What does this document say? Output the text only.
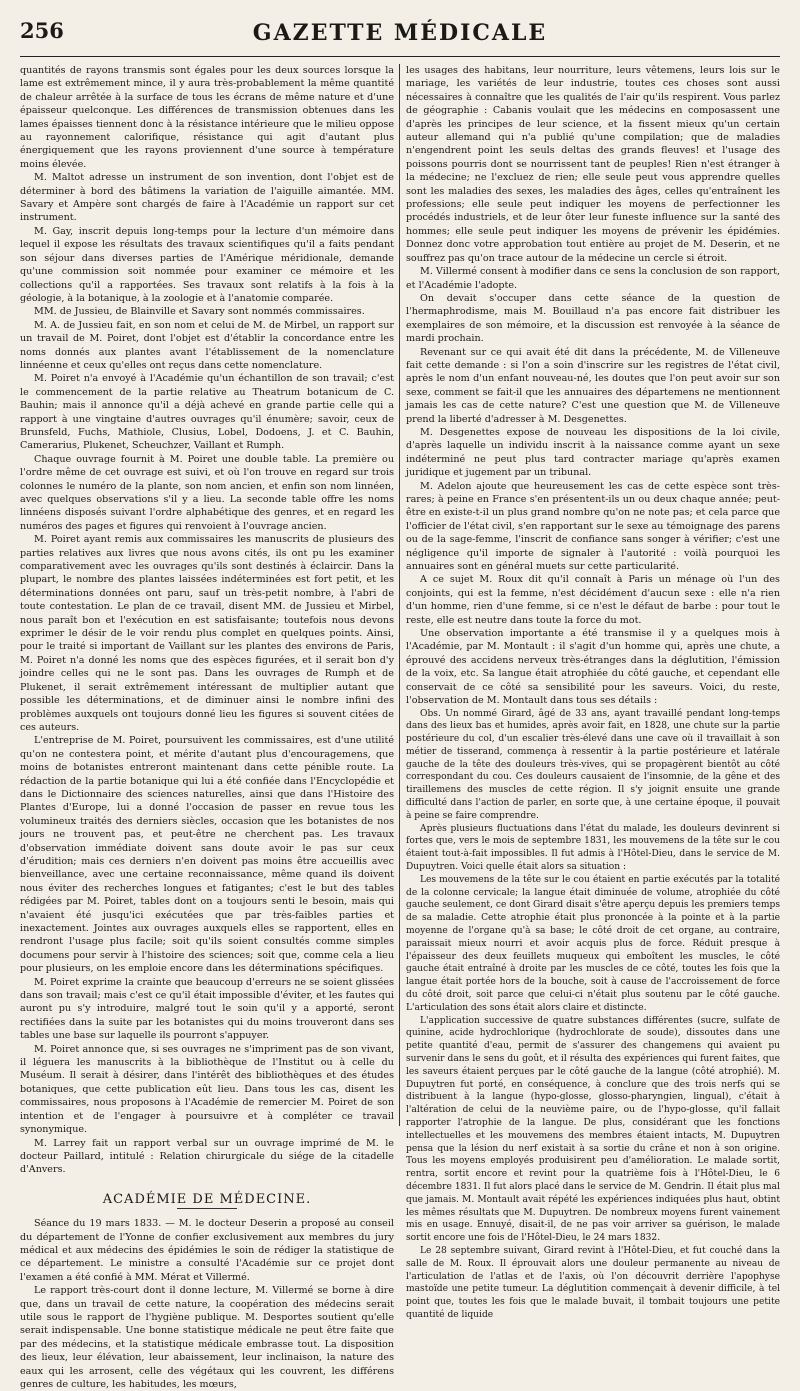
256	GAZETTE MÉDICALE

quantités de rayons transmis sont égales pour les deux sources lorsque la lame est extrêmement mince, il y aura très-probablement la même quantité de chaleur arrêtée à la surface de tous les écrans de même nature et d'une épaisseur quelconque. Les différences de transmission obtenues dans les lames épaisses tiennent donc à la résistance intérieure que le milieu oppose au rayonnement calorifique, résistance qui agit d'autant plus énergiquement que les rayons proviennent d'une source à température moins élevée.

M. Maltot adresse un instrument de son invention, dont l'objet est de déterminer à bord des bâtimens la variation de l'aiguille aimantée. MM. Savary et Ampère sont chargés de faire à l'Académie un rapport sur cet instrument.

M. Gay, inscrit depuis long-temps pour la lecture d'un mémoire dans lequel il expose les résultats des travaux scientifiques qu'il a faits pendant son séjour dans diverses parties de l'Amérique méridionale, demande qu'une commission soit nommée pour examiner ce mémoire et les collections qu'il a rapportées. Ses travaux sont relatifs à la fois à la géologie, à la botanique, à la zoologie et à l'anatomie comparée.

MM. de Jussieu, de Blainville et Savary sont nommés commissaires.

M. A. de Jussieu fait, en son nom et celui de M. de Mirbel, un rapport sur un travail de M. Poiret, dont l'objet est d'établir la concordance entre les noms donnés aux plantes avant l'établissement de la nomenclature linnéenne et ceux qu'elles ont reçus dans cette nomenclature.

M. Poiret n'a envoyé à l'Académie qu'un échantillon de son travail; c'est le commencement de la partie relative au Theatrum botanicum de C. Bauhin; mais il annonce qu'il a déjà achevé en grande partie celle qui a rapport à une vingtaine d'autres ouvrages qu'il énumère; savoir, ceux de Brunsfeld, Fuchs, Mathiole, Clusius, Lobel, Dodoens, J. et C. Bauhin, Camerarius, Plukenet, Scheuchzer, Vaillant et Rumph.

Chaque ouvrage fournit à M. Poiret une double table. La première ou l'ordre même de cet ouvrage est suivi, et où l'on trouve en regard sur trois colonnes le numéro de la plante, son nom ancien, et enfin son nom linnéen, avec quelques observations s'il y a lieu. La seconde table offre les noms linnéens disposés suivant l'ordre alphabétique des genres, et en regard les numéros des pages et figures qui renvoient à l'ouvrage ancien.

M. Poiret ayant remis aux commissaires les manuscrits de plusieurs des parties relatives aux livres que nous avons cités, ils ont pu les examiner comparativement avec les ouvrages qu'ils sont destinés à éclaircir. Dans la plupart, le nombre des plantes laissées indéterminées est fort petit, et les déterminations données ont paru, sauf un très-petit nombre, à l'abri de toute contestation. Le plan de ce travail, disent MM. de Jussieu et Mirbel, nous paraît bon et l'exécution en est satisfaisante; toutefois nous devons exprimer le désir de le voir rendu plus complet en quelques points. Ainsi, pour le traité si important de Vaillant sur les plantes des environs de Paris, M. Poiret n'a donné les noms que des espèces figurées, et il serait bon d'y joindre celles qui ne le sont pas. Dans les ouvrages de Rumph et de Plukenet, il serait extrêmement intéressant de multiplier autant que possible les déterminations, et de diminuer ainsi le nombre infini des problèmes auxquels ont toujours donné lieu les figures si souvent citées de ces auteurs.

L'entreprise de M. Poiret, poursuivent les commissaires, est d'une utilité qu'on ne contestera point, et mérite d'autant plus d'encouragemens, que moins de botanistes entreront maintenant dans cette pénible route. La rédaction de la partie botanique qui lui a été confiée dans l'Encyclopédie et dans le Dictionnaire des sciences naturelles, ainsi que dans l'Histoire des Plantes d'Europe, lui a donné l'occasion de passer en revue tous les volumineux traités des derniers siècles, occasion que les botanistes de nos jours ne trouvent pas, et peut-être ne cherchent pas. Les travaux d'observation immédiate doivent sans doute avoir le pas sur ceux d'érudition; mais ces derniers n'en doivent pas moins être accueillis avec bienveillance, avec une certaine reconnaissance, même quand ils doivent nous éviter des recherches longues et fatigantes; c'est le but des tables rédigées par M. Poiret, tables dont on a toujours senti le besoin, mais qui n'avaient été jusqu'ici exécutées que par très-faibles parties et inexactement. Jointes aux ouvrages auxquels elles se rapportent, elles en rendront l'usage plus facile; soit qu'ils soient consultés comme simples documens pour servir à l'histoire des sciences; soit que, comme cela a lieu pour plusieurs, on les emploie encore dans les déterminations spécifiques.

M. Poiret exprime la crainte que beaucoup d'erreurs ne se soient glissées dans son travail; mais c'est ce qu'il était impossible d'éviter, et les fautes qui auront pu s'y introduire, malgré tout le soin qu'il y a apporté, seront rectifiées dans la suite par les botanistes qui du moins trouveront dans ses tables une base sur laquelle ils pourront s'appuyer.

M. Poiret annonce que, si ses ouvrages ne s'impriment pas de son vivant, il léguera les manuscrits à la bibliothèque de l'Institut ou à celle du Muséum. Il serait à désirer, dans l'intérêt des bibliothèques et des études botaniques, que cette publication eût lieu. Dans tous les cas, disent les commissaires, nous proposons à l'Académie de remercier M. Poiret de son intention et de l'engager à poursuivre et à compléter ce travail synonymique.

M. Larrey fait un rapport verbal sur un ouvrage imprimé de M. le docteur Paillard, intitulé : Relation chirurgicale du siége de la citadelle d'Anvers.

ACADÉMIE DE MÉDECINE.

Séance du 19 mars 1833. — M. le docteur Deserin a proposé au conseil du département de l'Yonne de confier exclusivement aux membres du jury médical et aux médecins des épidémies le soin de rédiger la statistique de ce département. Le ministre a consulté l'Académie sur ce projet dont l'examen a été confié à MM. Mérat et Villermé.

Le rapport très-court dont il donne lecture, M. Villermé se borne à dire que, dans un travail de cette nature, la coopération des médecins serait utile sous le rapport de l'hygiène publique. M. Desportes soutient qu'elle serait indispensable. Une bonne statistique médicale ne peut être faite que par des médecins, et la statistique médicale embrasse tout. La disposition des lieux, leur élévation, leur abaissement, leur inclinaison, la nature des eaux qui les arrosent, celle des végétaux qui les couvrent, les différens genres de culture, les habitudes, les mœurs,

les usages des habitans, leur nourriture, leurs vêtemens, leurs lois sur le mariage, les variétés de leur industrie, toutes ces choses sont aussi nécessaires à connaître que les qualités de l'air qu'ils respirent. Vous parlez de géographie : Cabanis voulait que les médecins en composassent une d'après les principes de leur science, et la fissent mieux qu'un certain auteur allemand qui n'a publié qu'une compilation; que de maladies n'engendrent point les seuls deltas des grands fleuves! et l'usage des poissons pourris dont se nourrissent tant de peuples! Rien n'est étranger à la médecine; ne l'excluez de rien; elle seule peut vous apprendre quelles sont les maladies des sexes, les maladies des âges, celles qu'entraînent les professions; elle seule peut indiquer les moyens de perfectionner les procédés industriels, et de leur ôter leur funeste influence sur la santé des hommes; elle seule peut indiquer les moyens de prévenir les épidémies. Donnez donc votre approbation tout entière au projet de M. Deserin, et ne souffrez pas qu'on trace autour de la médecine un cercle si étroit.

M. Villermé consent à modifier dans ce sens la conclusion de son rapport, et l'Académie l'adopte.

On devait s'occuper dans cette séance de la question de l'hermaphrodisme, mais M. Bouillaud n'a pas encore fait distribuer les exemplaires de son mémoire, et la discussion est renvoyée à la séance de mardi prochain.

Revenant sur ce qui avait été dit dans la précédente, M. de Villeneuve fait cette demande : si l'on a soin d'inscrire sur les registres de l'état civil, après le nom d'un enfant nouveau-né, les doutes que l'on peut avoir sur son sexe, comment se fait-il que les annuaires des départemens ne mentionnent jamais les cas de cette nature? C'est une question que M. de Villeneuve prend la liberté d'adresser à M. Desgenettes.

M. Desgenettes expose de nouveau les dispositions de la loi civile, d'après laquelle un individu inscrit à la naissance comme ayant un sexe indéterminé ne peut plus tard contracter mariage qu'après examen juridique et jugement par un tribunal.

M. Adelon ajoute que heureusement les cas de cette espèce sont très-rares; à peine en France s'en présentent-ils un ou deux chaque année; peut-être en existe-t-il un plus grand nombre qu'on ne note pas; et cela parce que l'officier de l'état civil, s'en rapportant sur le sexe au témoignage des parens ou de la sage-femme, l'inscrit de confiance sans songer à vérifier; c'est une négligence qu'il importe de signaler à l'autorité : voilà pourquoi les annuaires sont en général muets sur cette particularité.

A ce sujet M. Roux dit qu'il connaît à Paris un ménage où l'un des conjoints, qui est la femme, n'est décidément d'aucun sexe : elle n'a rien d'un homme, rien d'une femme, si ce n'est le défaut de barbe : pour tout le reste, elle est neutre dans toute la force du mot.

Une observation importante a été transmise il y a quelques mois à l'Académie, par M. Montault : il s'agit d'un homme qui, après une chute, a éprouvé des accidens nerveux très-étranges dans la déglutition, l'émission de la voix, etc. Sa langue était atrophiée du côté gauche, et cependant elle conservait de ce côté sa sensibilité pour les saveurs. Voici, du reste, l'observation de M. Montault dans tous ses détails :

Obs. Un nommé Girard, âgé de 33 ans, ayant travaillé pendant long-temps dans des lieux bas et humides, après avoir fait, en 1828, une chute sur la partie postérieure du col, d'un escalier très-élevé dans une cave où il travaillait à son métier de tisserand, commença à ressentir à la partie postérieure et latérale gauche de la tête des douleurs très-vives, qui se propagèrent bientôt au côté correspondant du cou. Ces douleurs causaient de l'insomnie, de la gêne et des tiraillemens des muscles de cette région. Il s'y joignit ensuite une grande difficulté dans l'action de parler, en sorte que, à une certaine époque, il pouvait à peine se faire comprendre.

Après plusieurs fluctuations dans l'état du malade, les douleurs devinrent si fortes que, vers le mois de septembre 1831, les mouvemens de la tête sur le cou étaient tout-à-fait impossibles. Il fut admis à l'Hôtel-Dieu, dans le service de M. Dupuytren. Voici quelle était alors sa situation :

Les mouvemens de la tête sur le cou étaient en partie exécutés par la totalité de la colonne cervicale; la langue était diminuée de volume, atrophiée du côté gauche seulement, ce dont Girard disait s'être aperçu depuis les premiers temps de sa maladie. Cette atrophie était plus prononcée à la pointe et à la partie moyenne de l'organe qu'à sa base; le côté droit de cet organe, au contraire, paraissait mieux nourri et avoir acquis plus de force. Réduit presque à l'épaisseur des deux feuillets muqueux qui emboîtent les muscles, le côté gauche était entraîné à droite par les muscles de ce côté, toutes les fois que la langue était portée hors de la bouche, soit à cause de l'accroissement de force du côté droit, soit parce que celui-ci n'était plus soutenu par le côté gauche. L'articulation des sons était alors claire et distincte.

L'application successive de quatre substances différentes (sucre, sulfate de quinine, acide hydrochlorique (hydrochlorate de soude), dissoutes dans une petite quantité d'eau, permit de s'assurer des changemens qui avaient pu survenir dans le sens du goût, et il résulta des expériences qui furent faites, que les saveurs étaient perçues par le côté gauche de la langue (côté atrophié). M. Dupuytren fut porté, en conséquence, à conclure que des trois nerfs qui se distribuent à la langue (hypo-glosse, glosso-pharyngien, lingual), c'était à l'altération de celui de la neuvième paire, ou de l'hypo-glosse, qu'il fallait rapporter l'atrophie de la langue. De plus, considérant que les fonctions intellectuelles et les mouvemens des membres étaient intacts, M. Dupuytren pensa que la lésion du nerf existait à sa sortie du crâne et non à son origine. Tous les moyens employés produisirent peu d'amélioration. Le malade sortit, rentra, sortit encore et revint pour la quatrième fois à l'Hôtel-Dieu, le 6 décembre 1831. Il fut alors placé dans le service de M. Gendrin. Il était plus mal que jamais. M. Montault avait répété les expériences indiquées plus haut, obtint les mêmes résultats que M. Dupuytren. De nombreux moyens furent vainement mis en usage. Ennuyé, disait-il, de ne pas voir arriver sa guérison, le malade sortit encore une fois de l'Hôtel-Dieu, le 24 mars 1832.

Le 28 septembre suivant, Girard revint à l'Hôtel-Dieu, et fut couché dans la salle de M. Roux. Il éprouvait alors une douleur permanente au niveau de l'articulation de l'atlas et de l'axis, où l'on découvrit derrière l'apophyse mastoïde une petite tumeur. La déglutition commençait à devenir difficile, à tel point que, toutes les fois que le malade buvait, il tombait toujours une petite quantité de liquide
